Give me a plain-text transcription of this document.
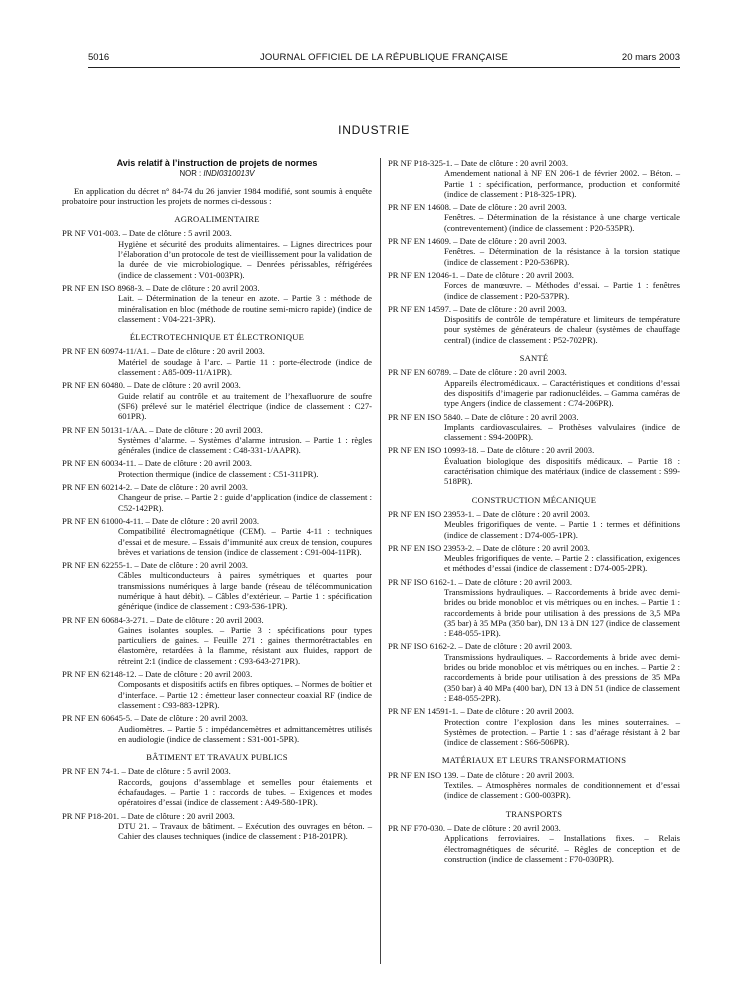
5016	JOURNAL OFFICIEL DE LA RÉPUBLIQUE FRANÇAISE	20 mars 2003
INDUSTRIE
Avis relatif à l’instruction de projets de normes
NOR : INDI0310013V
En application du décret n° 84-74 du 26 janvier 1984 modifié, sont soumis à enquête probatoire pour instruction les projets de normes ci-dessous :
AGROALIMENTAIRE
PR NF V01-003. – Date de clôture : 5 avril 2003.
Hygiène et sécurité des produits alimentaires. – Lignes directrices pour l’élaboration d’un protocole de test de vieillissement pour la validation de la durée de vie microbiologique. – Denrées périssables, réfrigérées (indice de classement : V01-003PR).
PR NF EN ISO 8968-3. – Date de clôture : 20 avril 2003.
Lait. – Détermination de la teneur en azote. – Partie 3 : méthode de minéralisation en bloc (méthode de routine semi-micro rapide) (indice de classement : V04-221-3PR).
ÉLECTROTECHNIQUE ET ÉLECTRONIQUE
PR NF EN 60974-11/A1. – Date de clôture : 20 avril 2003.
Matériel de soudage à l’arc. – Partie 11 : porte-électrode (indice de classement : A85-009-11/A1PR).
PR NF EN 60480. – Date de clôture : 20 avril 2003.
Guide relatif au contrôle et au traitement de l’hexafluorure de soufre (SF6) prélevé sur le matériel électrique (indice de classement : C27-601PR).
PR NF EN 50131-1/AA. – Date de clôture : 20 avril 2003.
Systèmes d’alarme. – Systèmes d’alarme intrusion. – Partie 1 : règles générales (indice de classement : C48-331-1/AAPR).
PR NF EN 60034-11. – Date de clôture : 20 avril 2003.
Protection thermique (indice de classement : C51-311PR).
PR NF EN 60214-2. – Date de clôture : 20 avril 2003.
Changeur de prise. – Partie 2 : guide d’application (indice de classement : C52-142PR).
PR NF EN 61000-4-11. – Date de clôture : 20 avril 2003.
Compatibilité électromagnétique (CEM). – Partie 4-11 : techniques d’essai et de mesure. – Essais d’immunité aux creux de tension, coupures brèves et variations de tension (indice de classement : C91-004-11PR).
PR NF EN 62255-1. – Date de clôture : 20 avril 2003.
Câbles multiconducteurs à paires symétriques et quartes pour transmissions numériques à large bande (réseau de télécommunication numérique à haut débit). – Câbles d’extérieur. – Partie 1 : spécification générique (indice de classement : C93-536-1PR).
PR NF EN 60684-3-271. – Date de clôture : 20 avril 2003.
Gaines isolantes souples. – Partie 3 : spécifications pour types particuliers de gaines. – Feuille 271 : gaines thermorétractables en élastomère, retardées à la flamme, résistant aux fluides, rapport de rétreint 2:1 (indice de classement : C93-643-271PR).
PR NF EN 62148-12. – Date de clôture : 20 avril 2003.
Composants et dispositifs actifs en fibres optiques. – Normes de boîtier et d’interface. – Partie 12 : émetteur laser connecteur coaxial RF (indice de classement : C93-883-12PR).
PR NF EN 60645-5. – Date de clôture : 20 avril 2003.
Audiomètres. – Partie 5 : impédancemètres et admittancemètres utilisés en audiologie (indice de classement : S31-001-5PR).
BÂTIMENT ET TRAVAUX PUBLICS
PR NF EN 74-1. – Date de clôture : 5 avril 2003.
Raccords, goujons d’assemblage et semelles pour étaiements et échafaudages. – Partie 1 : raccords de tubes. – Exigences et modes opératoires d’essai (indice de classement : A49-580-1PR).
PR NF P18-201. – Date de clôture : 20 avril 2003.
DTU 21. – Travaux de bâtiment. – Exécution des ouvrages en béton. – Cahier des clauses techniques (indice de classement : P18-201PR).
PR NF P18-325-1. – Date de clôture : 20 avril 2003.
Amendement national à NF EN 206-1 de février 2002. – Béton. – Partie 1 : spécification, performance, production et conformité (indice de classement : P18-325-1PR).
PR NF EN 14608. – Date de clôture : 20 avril 2003.
Fenêtres. – Détermination de la résistance à une charge verticale (contreventement) (indice de classement : P20-535PR).
PR NF EN 14609. – Date de clôture : 20 avril 2003.
Fenêtres. – Détermination de la résistance à la torsion statique (indice de classement : P20-536PR).
PR NF EN 12046-1. – Date de clôture : 20 avril 2003.
Forces de manœuvre. – Méthodes d’essai. – Partie 1 : fenêtres (indice de classement : P20-537PR).
PR NF EN 14597. – Date de clôture : 20 avril 2003.
Dispositifs de contrôle de température et limiteurs de température pour systèmes de générateurs de chaleur (systèmes de chauffage central) (indice de classement : P52-702PR).
SANTÉ
PR NF EN 60789. – Date de clôture : 20 avril 2003.
Appareils électromédicaux. – Caractéristiques et conditions d’essai des dispositifs d’imagerie par radionucléides. – Gamma caméras de type Angers (indice de classement : C74-206PR).
PR NF EN ISO 5840. – Date de clôture : 20 avril 2003.
Implants cardiovasculaires. – Prothèses valvulaires (indice de classement : S94-200PR).
PR NF EN ISO 10993-18. – Date de clôture : 20 avril 2003.
Évaluation biologique des dispositifs médicaux. – Partie 18 : caractérisation chimique des matériaux (indice de classement : S99-518PR).
CONSTRUCTION MÉCANIQUE
PR NF EN ISO 23953-1. – Date de clôture : 20 avril 2003.
Meubles frigorifiques de vente. – Partie 1 : termes et définitions (indice de classement : D74-005-1PR).
PR NF EN ISO 23953-2. – Date de clôture : 20 avril 2003.
Meubles frigorifiques de vente. – Partie 2 : classification, exigences et méthodes d’essai (indice de classement : D74-005-2PR).
PR NF ISO 6162-1. – Date de clôture : 20 avril 2003.
Transmissions hydrauliques. – Raccordements à bride avec demi-brides ou bride monobloc et vis métriques ou en inches. – Partie 1 : raccordements à bride pour utilisation à des pressions de 3,5 MPa (35 bar) à 35 MPa (350 bar), DN 13 à DN 127 (indice de classement : E48-055-1PR).
PR NF ISO 6162-2. – Date de clôture : 20 avril 2003.
Transmissions hydrauliques. – Raccordements à bride avec demi-brides ou bride monobloc et vis métriques ou en inches. – Partie 2 : raccordements à bride pour utilisation à des pressions de 35 MPa (350 bar) à 40 MPa (400 bar), DN 13 à DN 51 (indice de classement : E48-055-2PR).
PR NF EN 14591-1. – Date de clôture : 20 avril 2003.
Protection contre l’explosion dans les mines souterraines. – Systèmes de protection. – Partie 1 : sas d’aérage résistant à 2 bar (indice de classement : S66-506PR).
MATÉRIAUX ET LEURS TRANSFORMATIONS
PR NF EN ISO 139. – Date de clôture : 20 avril 2003.
Textiles. – Atmosphères normales de conditionnement et d’essai (indice de classement : G00-003PR).
TRANSPORTS
PR NF F70-030. – Date de clôture : 20 avril 2003.
Applications ferroviaires. – Installations fixes. – Relais électromagnétiques de sécurité. – Règles de conception et de construction (indice de classement : F70-030PR).
